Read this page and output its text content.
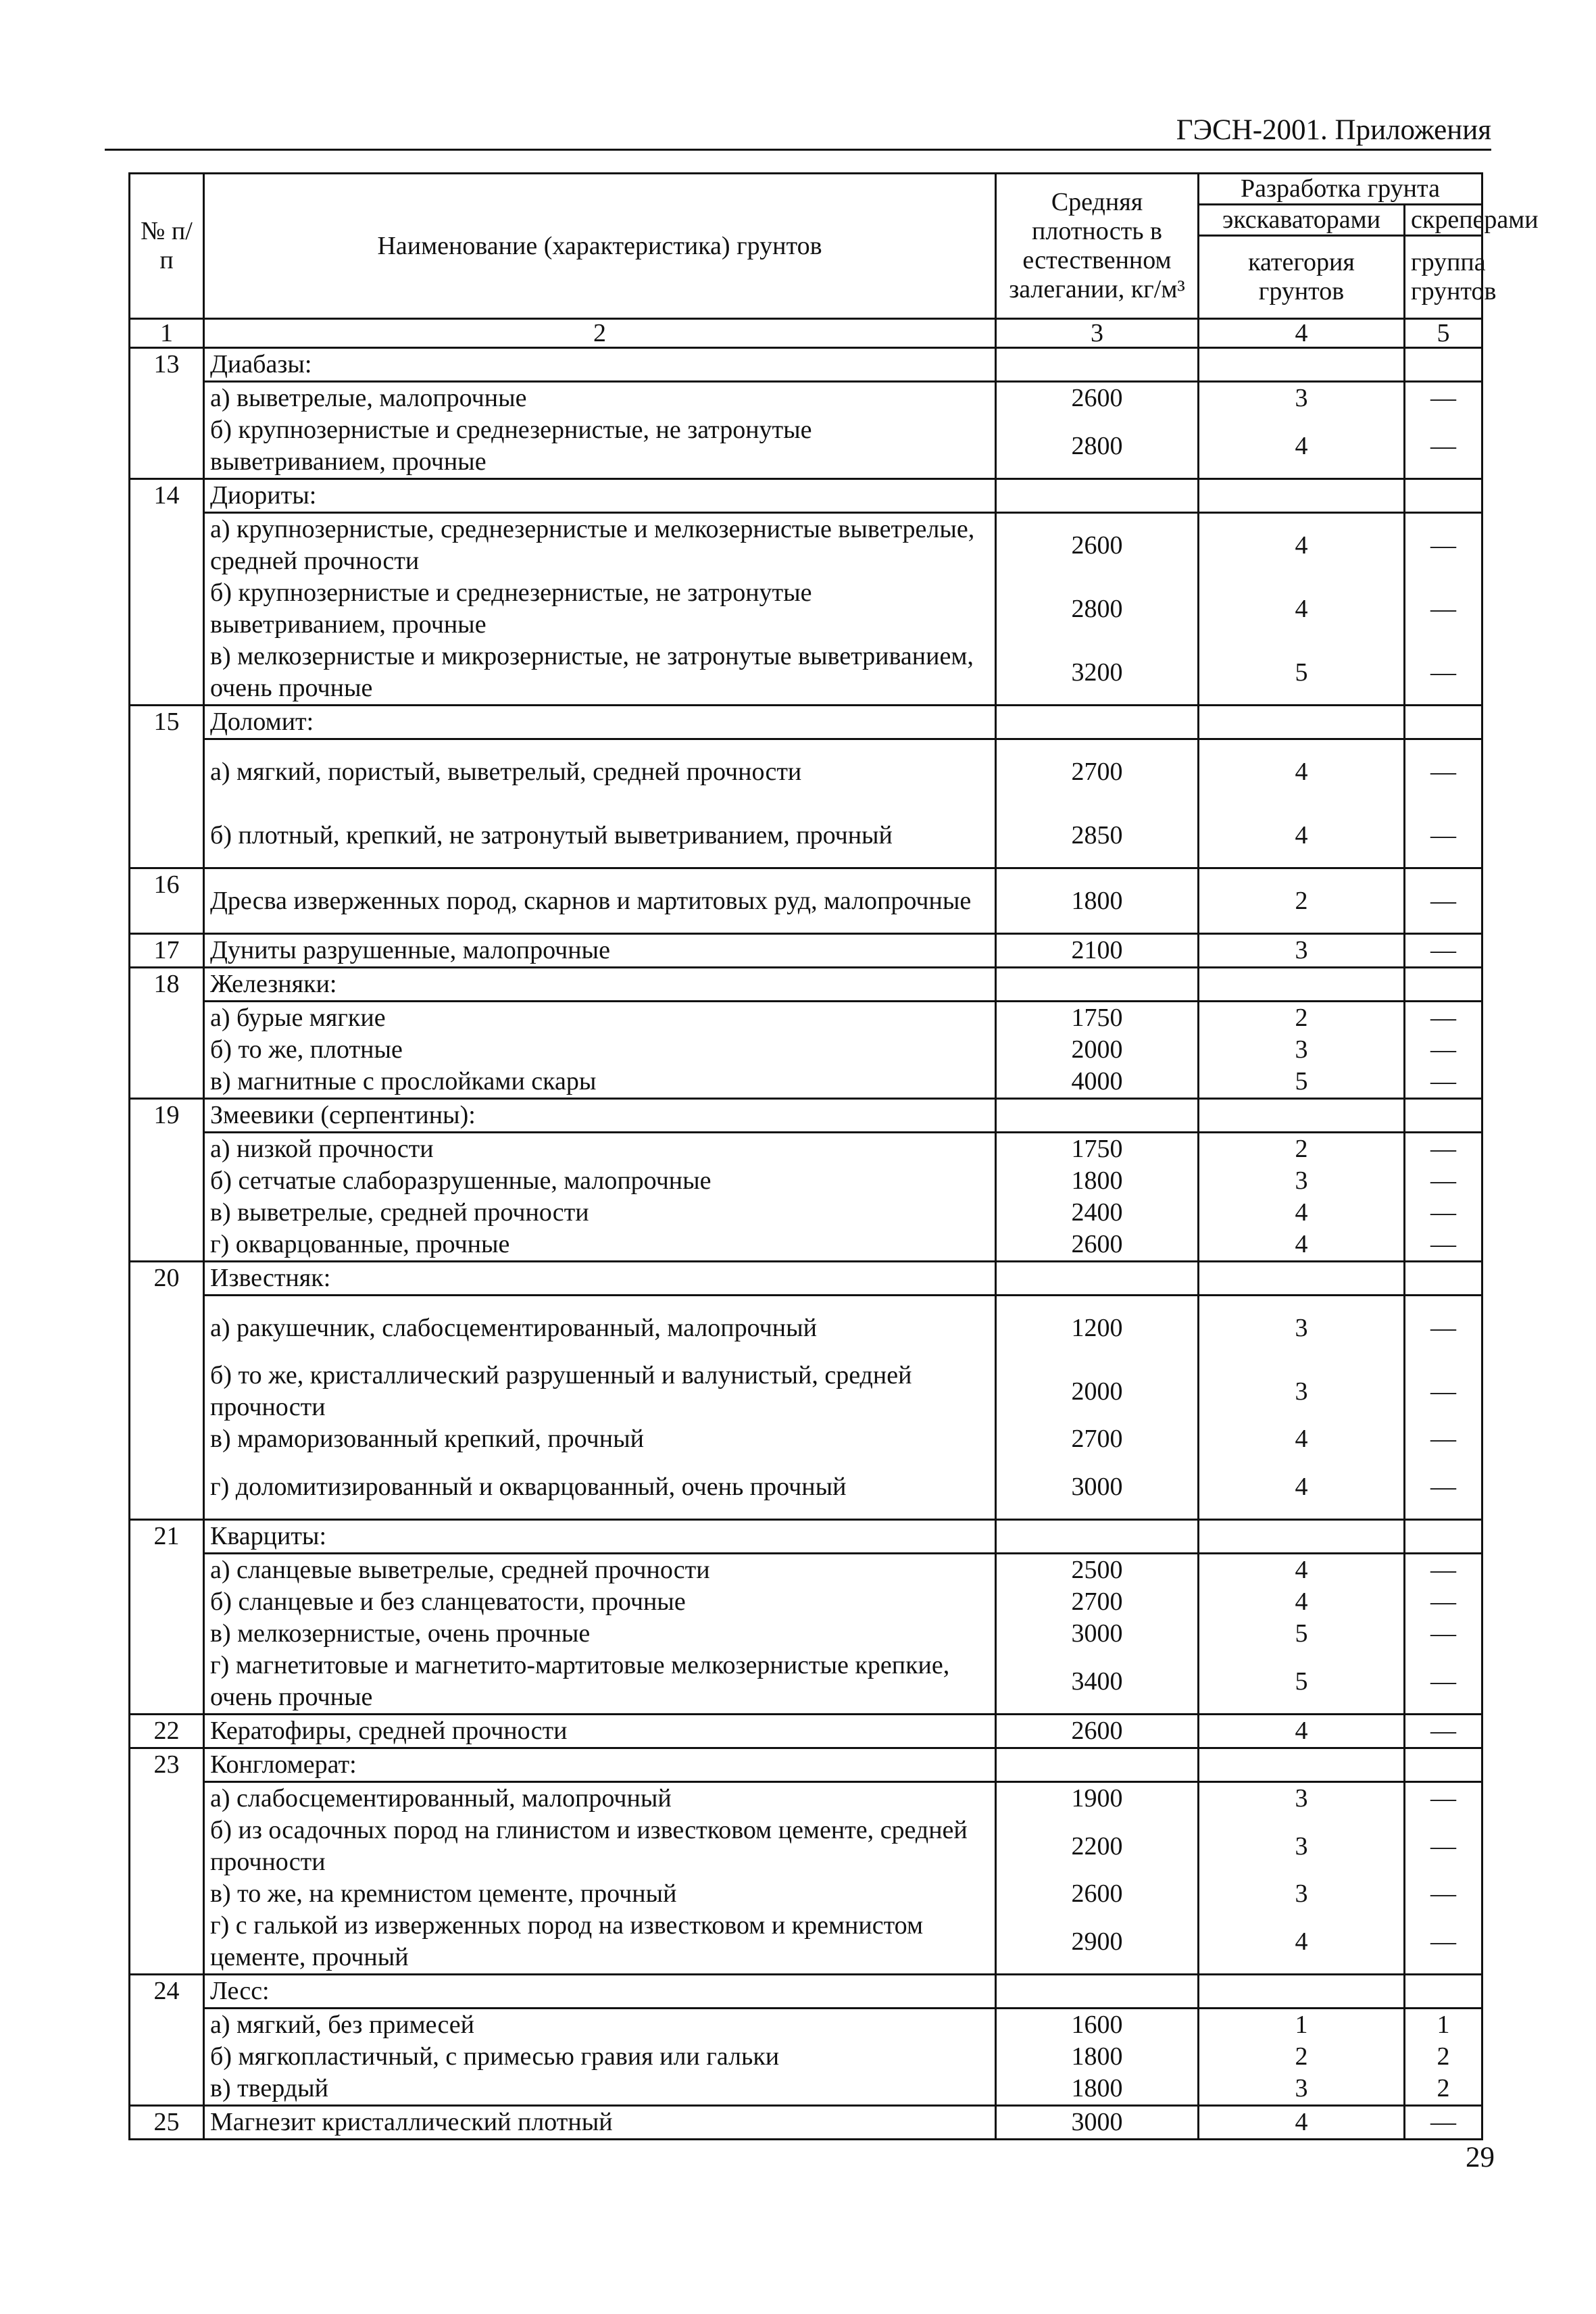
ГЭСН-2001. Приложения
№ п/п	Наименование (характеристика) грунтов	Средняя плотность в естественном залегании, кг/м³	Разработка грунта	
			экскаваторами	скреперами
			категория грунтов	группа грунтов
1	2	3	4	5
13	Диабазы:			
	а) выветрелые, малопрочные	2600	3	—
	б) крупнозернистые и среднезернистые, не затронутые выветриванием, прочные	2800	4	—
14	Диориты:			
	а) крупнозернистые, среднезернистые и мелкозернистые выветрелые, средней прочности	2600	4	—
	б) крупнозернистые и среднезернистые, не затронутые выветриванием, прочные	2800	4	—
	в) мелкозернистые и микрозернистые, не затронутые выветриванием, очень прочные	3200	5	—
15	Доломит:			
	а) мягкий, пористый, выветрелый, средней прочности	2700	4	—
	б) плотный, крепкий, не затронутый выветриванием, прочный	2850	4	—
16	Дресва изверженных пород, скарнов и мартитовых руд, малопрочные	1800	2	—
17	Дуниты разрушенные, малопрочные	2100	3	—
18	Железняки:			
	а) бурые мягкие	1750	2	—
	б) то же, плотные	2000	3	—
	в) магнитные с прослойками скары	4000	5	—
19	Змеевики (серпентины):			
	а) низкой прочности	1750	2	—
	б) сетчатые слаборазрушенные, малопрочные	1800	3	—
	в) выветрелые, средней прочности	2400	4	—
	г) окварцованные, прочные	2600	4	—
20	Известняк:			
	а) ракушечник, слабосцементированный, малопрочный	1200	3	—
	б) то же, кристаллический разрушенный и валунистый, средней прочности	2000	3	—
	в) мраморизованный крепкий, прочный	2700	4	—
	г) доломитизированный и окварцованный, очень прочный	3000	4	—
21	Кварциты:			
	а) сланцевые выветрелые, средней прочности	2500	4	—
	б) сланцевые и без сланцеватости, прочные	2700	4	—
	в) мелкозернистые, очень прочные	3000	5	—
	г) магнетитовые и магнетито-мартитовые мелкозернистые крепкие, очень прочные	3400	5	—
22	Кератофиры, средней прочности	2600	4	—
23	Конгломерат:			
	а) слабосцементированный, малопрочный	1900	3	—
	б) из осадочных пород на глинистом и известковом цементе, средней прочности	2200	3	—
	в) то же, на кремнистом цементе, прочный	2600	3	—
	г) с галькой из изверженных пород на известковом и кремнистом цементе, прочный	2900	4	—
24	Лесс:			
	а) мягкий, без примесей	1600	1	1
	б) мягкопластичный, с примесью гравия или гальки	1800	2	2
	в) твердый	1800	3	2
25	Магнезит кристаллический плотный	3000	4	—
29
